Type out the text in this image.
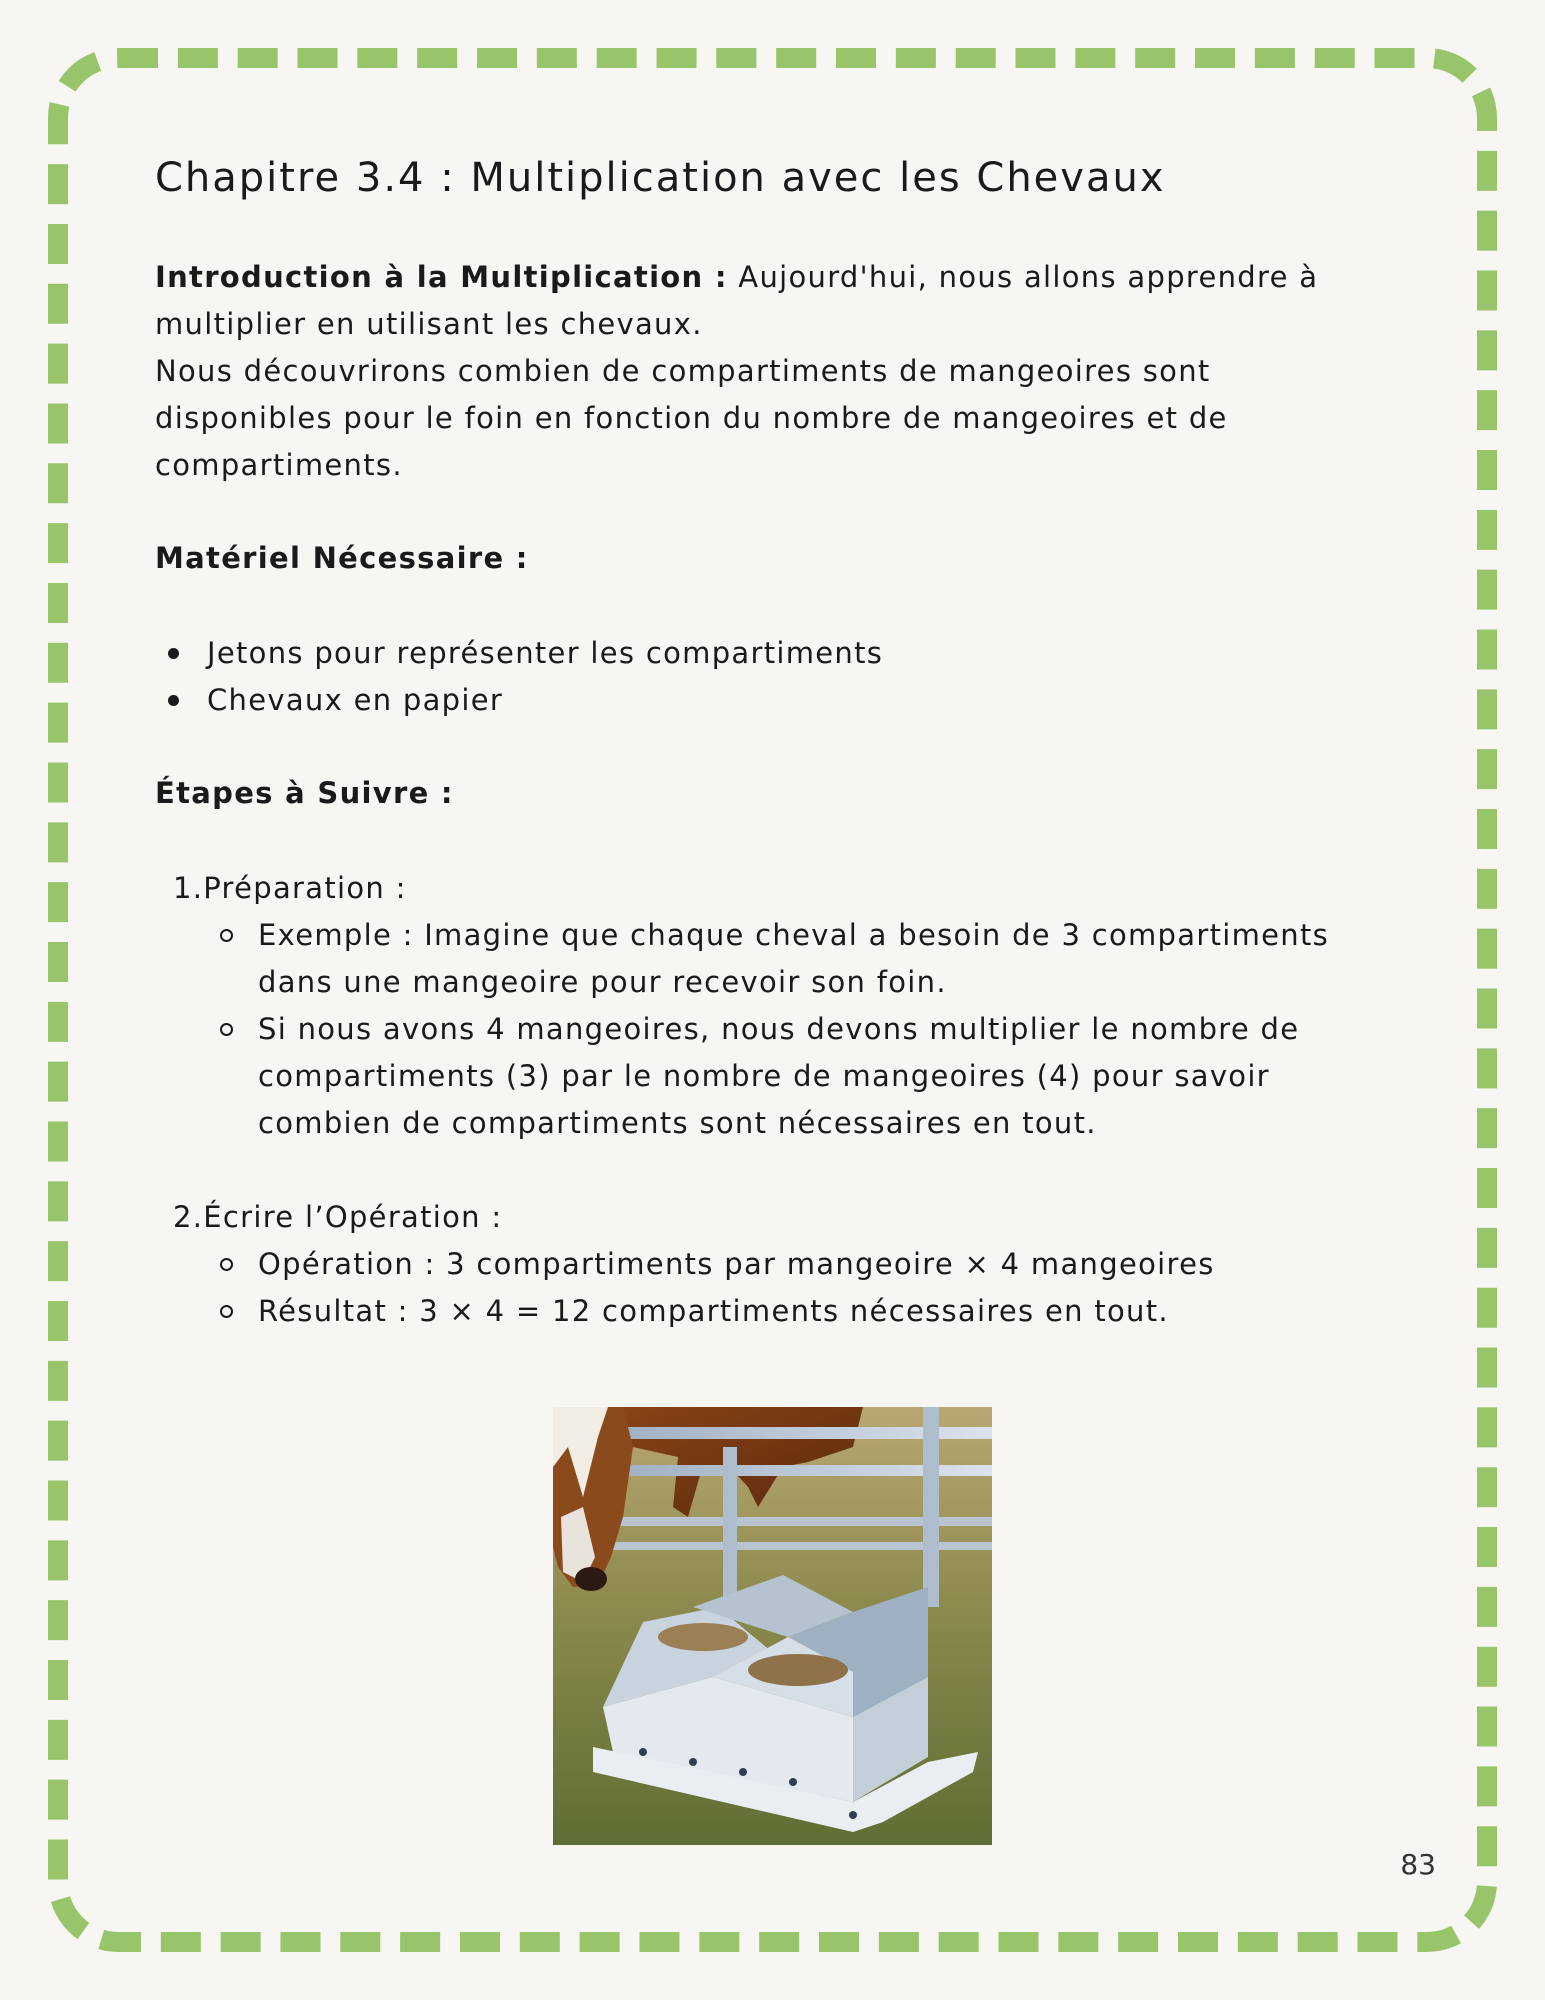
Chapitre 3.4 : Multiplication avec les Chevaux

Introduction à la Multiplication : Aujourd'hui, nous allons apprendre à multiplier en utilisant les chevaux.
Nous découvrirons combien de compartiments de mangeoires sont disponibles pour le foin en fonction du nombre de mangeoires et de compartiments.

Matériel Nécessaire :

Jetons pour représenter les compartiments
Chevaux en papier

Étapes à Suivre :

1.Préparation :
Exemple : Imagine que chaque cheval a besoin de 3 compartiments dans une mangeoire pour recevoir son foin.
Si nous avons 4 mangeoires, nous devons multiplier le nombre de compartiments (3) par le nombre de mangeoires (4) pour savoir combien de compartiments sont nécessaires en tout.
2.Écrire l’Opération :
Opération : 3 compartiments par mangeoire × 4 mangeoires
Résultat : 3 × 4 = 12 compartiments nécessaires en tout.
83
